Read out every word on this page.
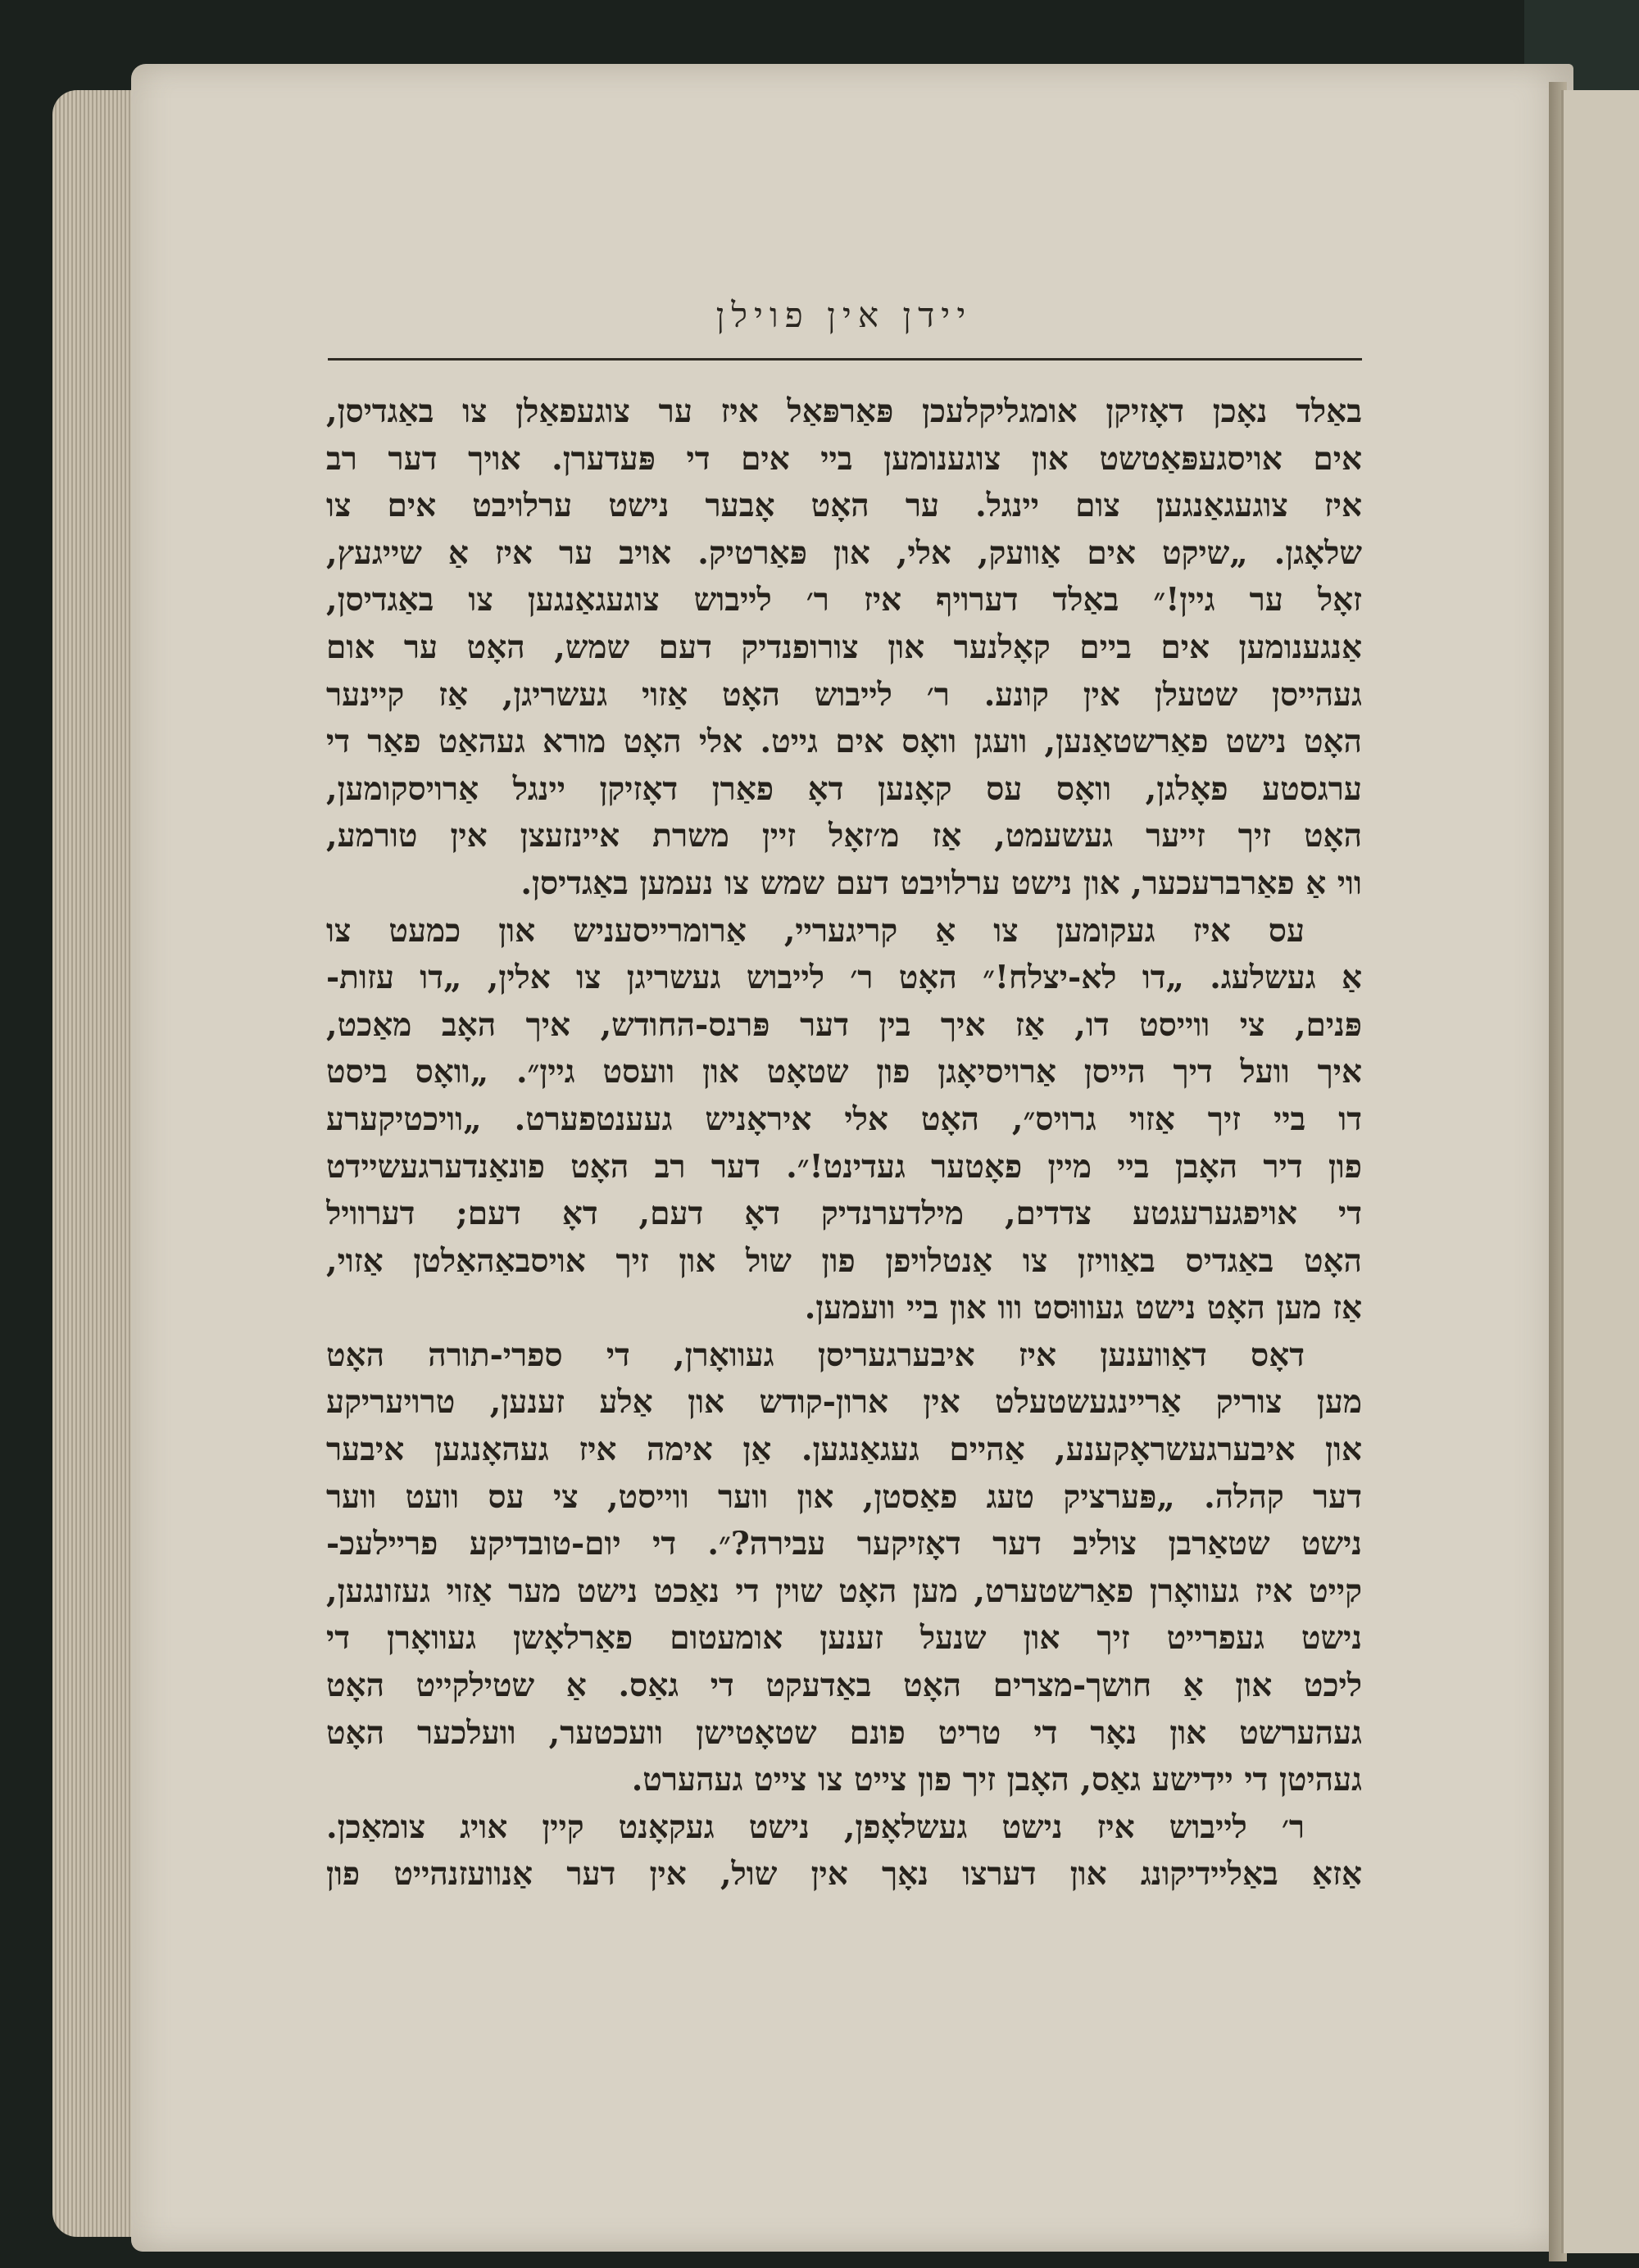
יידן אין פוילן
באַלד נאָכן דאָזיקן אומגליקלעכן פּאַרפּאַל איז ער צוגעפאַלן צו באַגדיסן,
אים אויסגעפּאַטשט און צוגענומען ביי אים די פּעדערן. אויך דער רב
איז צוגעגאַנגען צום יינגל. ער האָט אָבער נישט ערלויבט אים צו
שלאָגן. „שיקט אים אַוועק, אלי, און פּאַרטיק. אויב ער איז אַ שייגעץ,
זאָל ער גיין!״ באַלד דערויף איז ר׳ לייבוש צוגעגאַנגען צו באַגדיסן,
אַנגענומען אים ביים קאָלנער און צורופנדיק דעם שמש, האָט ער אום
געהייסן שטעלן אין קונע. ר׳ לייבוש האָט אַזוי געשריגן, אַז קיינער
האָט נישט פאַרשטאַנען, וועגן וואָס אים גייט. אלי האָט מורא געהאַט פאַר די
ערגסטע פאָלגן, וואָס עס קאָנען דאָ פאַרן דאָזיקן יינגל אַרויסקומען,
האָט זיך זייער געשעמט, אַז מ׳זאָל זיין משרת איינזעצן אין טורמע,
ווי אַ פאַרברעכער, און נישט ערלויבט דעם שמש צו נעמען באַגדיסן.
עס איז געקומען צו אַ קריגעריי, אַרומרייסעניש און כמעט צו
אַ געשלעג. „דו לא-יצלח!״ האָט ר׳ לייבוש געשריגן צו אלין, „דו עזות-
פּנים, צי ווייסט דו, אַז איך בין דער פּרנס-החודש, איך האָב מאַכט,
איך וועל דיך הייסן אַרויסיאָגן פון שטאָט און וועסט גיין״. „וואָס ביסט
דו ביי זיך אַזוי גרויס״, האָט אלי איראָניש געענטפערט. „וויכטיקערע
פון דיר האָבן ביי מיין פאָטער געדינט!״. דער רב האָט פונאַנדערגעשיידט
די אויפגערעגטע צדדים, מילדערנדיק דאָ דעם, דאָ דעם; דערוויל
האָט באַגדיס באַוויזן צו אַנטלויפן פון שול און זיך אויסבאַהאַלטן אַזוי,
אַז מען האָט נישט געוווּסט ווו און ביי וועמען.
דאָס דאַווענען איז איבערגעריסן געוואָרן, די ספרי-תורה האָט
מען צוריק אַריינגעשטעלט אין ארון-קודש און אַלע זענען, טרויעריקע
און איבערגעשראָקענע, אַהיים געגאַנגען. אַן אימה איז געהאָנגען איבער
דער קהלה. „פּערציק טעג פאַסטן, און ווער ווייסט, צי עס וועט ווער
נישט שטאַרבן צוליב דער דאָזיקער עבירה?״. די יום-טובדיקע פריילעכ-
קייט איז געוואָרן פאַרשטערט, מען האָט שוין די נאַכט נישט מער אַזוי געזונגען,
נישט געפרייט זיך און שנעל זענען אומעטום פאַרלאָשן געוואָרן די
ליכט און אַ חושך-מצרים האָט באַדעקט די גאַס. אַ שטילקייט האָט
געהערשט און נאָר די טריט פונם שטאָטישן וועכטער, וועלכער האָט
געהיטן די יידישע גאַס, האָבן זיך פון צייט צו צייט געהערט.
ר׳ לייבוש איז נישט געשלאָפן, נישט געקאָנט קיין אויג צומאַכן.
אַזאַ באַליידיקונג און דערצו נאָך אין שול, אין דער אַנוועזנהייט פון
